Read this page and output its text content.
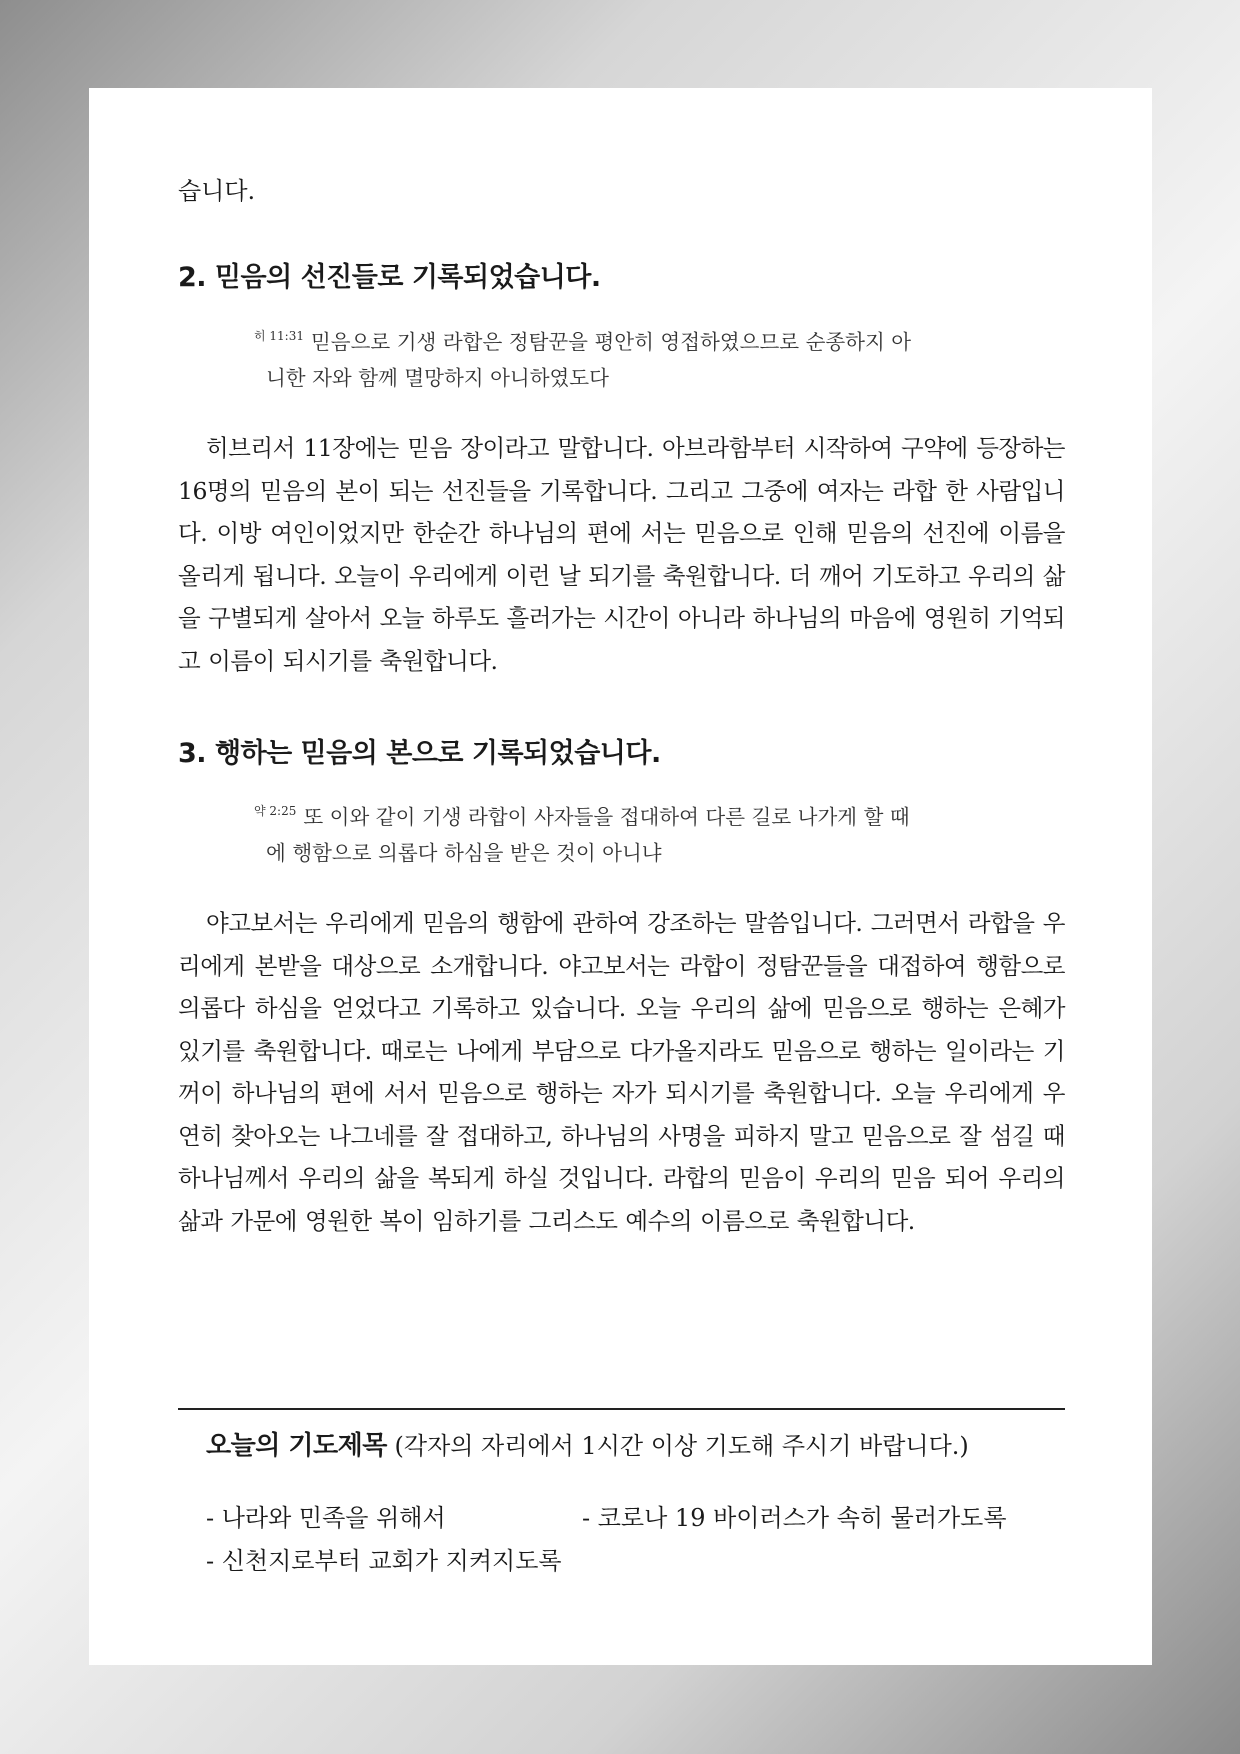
습니다.
2. 믿음의 선진들로 기록되었습니다.
$^{히 11:31}$ 믿음으로 기생 라합은 정탐꾼을 평안히 영접하였으므로 순종하지 아
니한 자와 함께 멸망하지 아니하였도다
히브리서 11장에는 믿음 장이라고 말합니다. 아브라함부터 시작하여 구약에 등장하는 16명의 믿음의 본이 되는 선진들을 기록합니다. 그리고 그중에 여자는 라합 한 사람입니다. 이방 여인이었지만 한순간 하나님의 편에 서는 믿음으로 인해 믿음의 선진에 이름을 올리게 됩니다. 오늘이 우리에게 이런 날 되기를 축원합니다. 더 깨어 기도하고 우리의 삶을 구별되게 살아서 오늘 하루도 흘러가는 시간이 아니라 하나님의 마음에 영원히 기억되고 이름이 되시기를 축원합니다.
3. 행하는 믿음의 본으로 기록되었습니다.
$^{약 2:25}$ 또 이와 같이 기생 라합이 사자들을 접대하여 다른 길로 나가게 할 때
에 행함으로 의롭다 하심을 받은 것이 아니냐
야고보서는 우리에게 믿음의 행함에 관하여 강조하는 말씀입니다. 그러면서 라합을 우리에게 본받을 대상으로 소개합니다. 야고보서는 라합이 정탐꾼들을 대접하여 행함으로 의롭다 하심을 얻었다고 기록하고 있습니다. 오늘 우리의 삶에 믿음으로 행하는 은혜가 있기를 축원합니다. 때로는 나에게 부담으로 다가올지라도 믿음으로 행하는 일이라는 기꺼이 하나님의 편에 서서 믿음으로 행하는 자가 되시기를 축원합니다. 오늘 우리에게 우연히 찾아오는 나그네를 잘 접대하고, 하나님의 사명을 피하지 말고 믿음으로 잘 섬길 때 하나님께서 우리의 삶을 복되게 하실 것입니다. 라합의 믿음이 우리의 믿음 되어 우리의 삶과 가문에 영원한 복이 임하기를 그리스도 예수의 이름으로 축원합니다.
오늘의 기도제목 (각자의 자리에서 1시간 이상 기도해 주시기 바랍니다.)
- 나라와 민족을 위해서	- 코로나 19 바이러스가 속히 물러가도록
- 신천지로부터 교회가 지켜지도록
